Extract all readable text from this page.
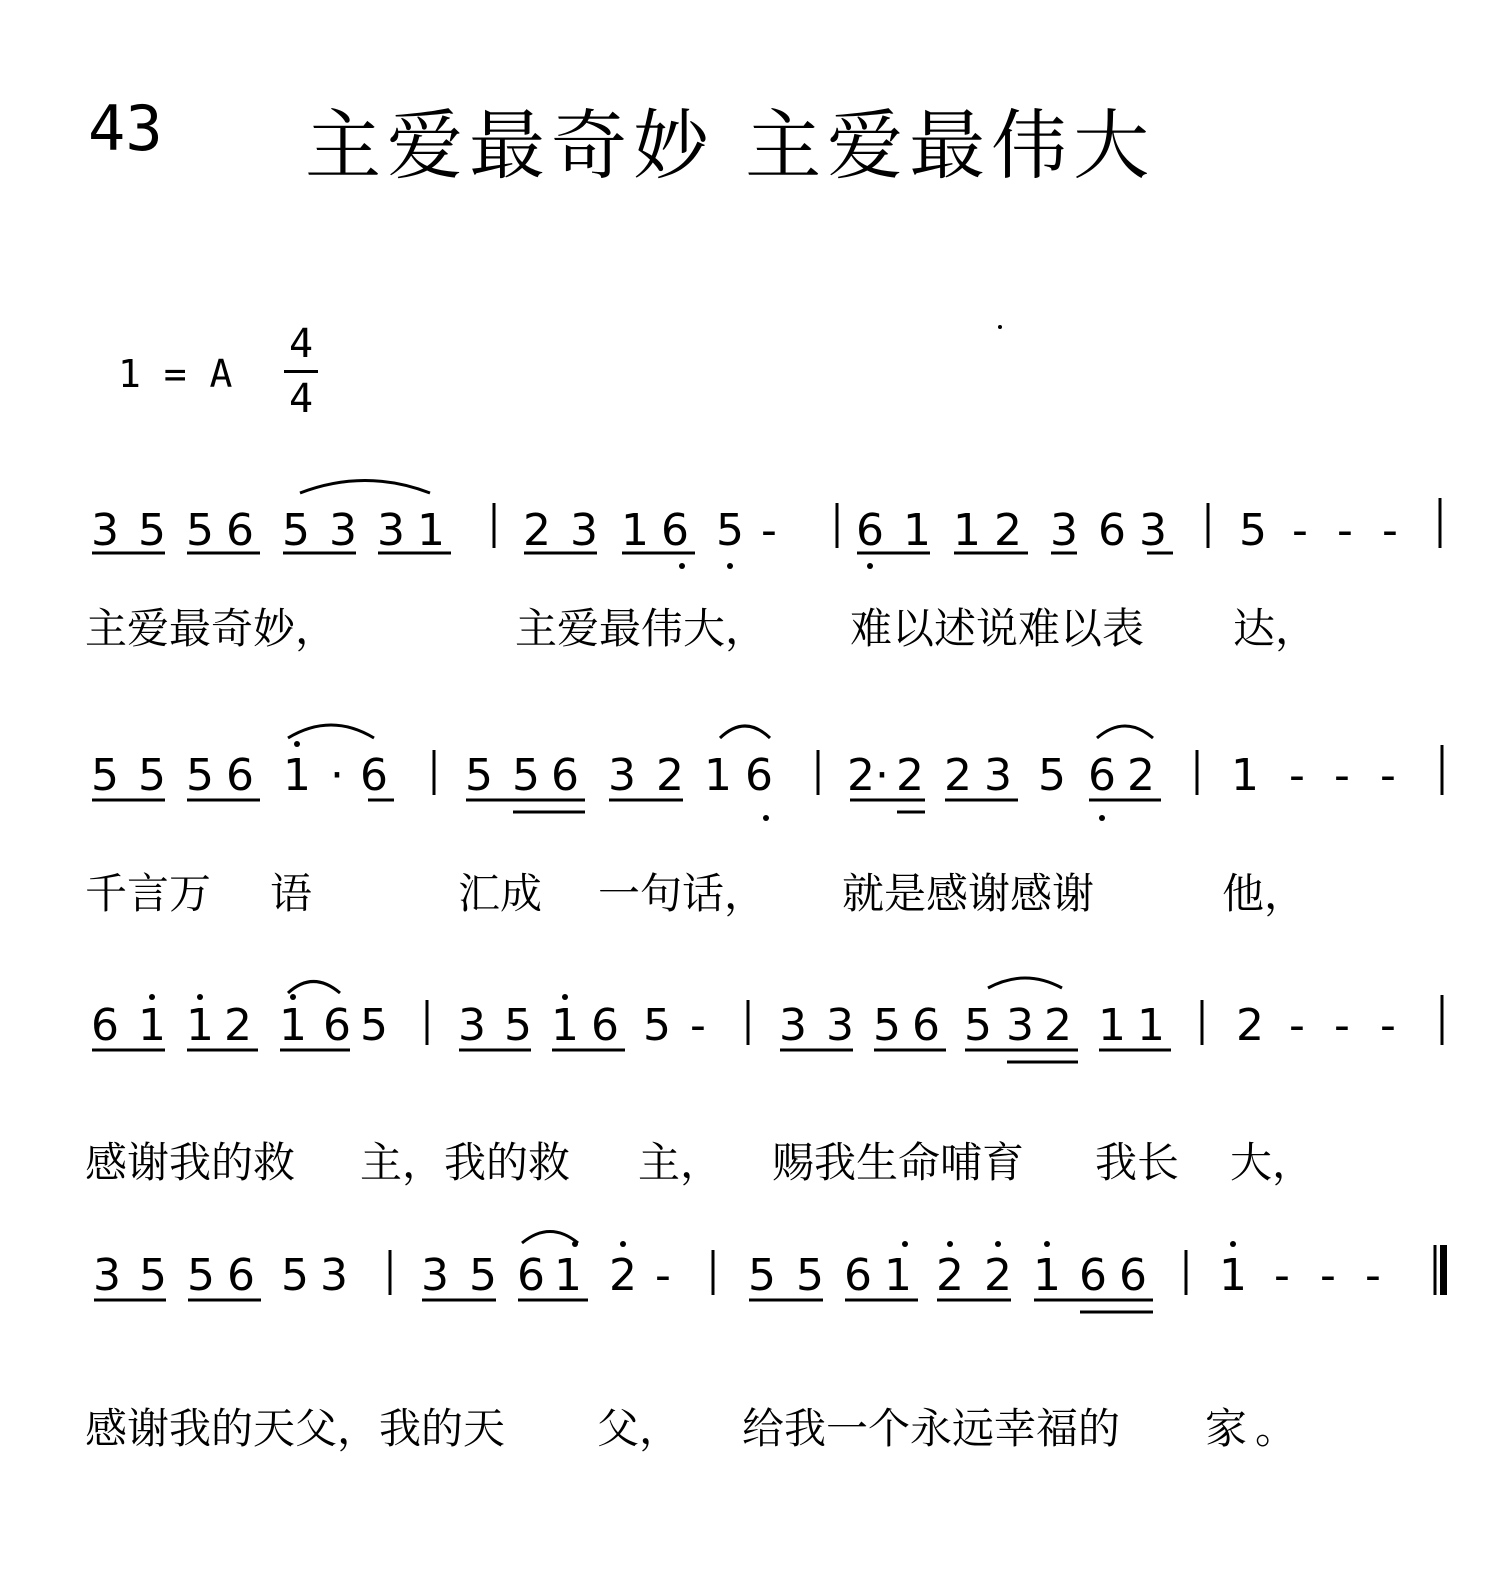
43 主爱最奇妙 主爱最伟大
1 = A
4
4
3 5 5 6 5 3 3 1 2 3 1 6 5 - 6 1 1 2 3 6 3 5 - - -
5 5 5 6 1 · 6 5 5 6 3 2 1 6 2· 2 2 3 5 6 2 1 - - -
6 1 1 2 1 6 5 3 5 1 6 5 - 3 3 5 6 5 3 2 1 1 2 - - -
3 5 5 6 5 3 3 5 6 1 2 - 5 5 6 1 2 2 1 6 6 1 - - -
主爱最奇妙，	主爱最伟大， 难以述说难以表 达，
千言万 语	汇成 一句话， 就是感谢感谢	他，
感谢我的救 主，我的救 主， 赐我生命哺育 我长 大，
感谢我的天父，我的天 父， 给我一个永远幸福的 家 。
